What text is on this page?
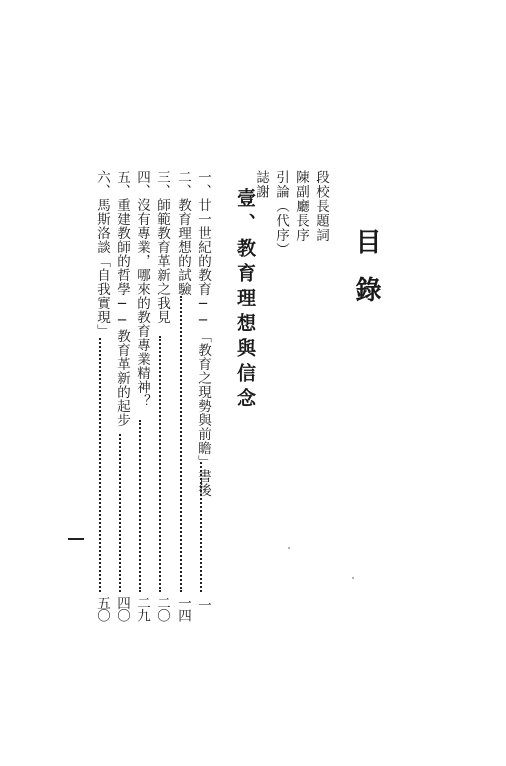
目錄
段校長題詞
陳副廳長序
引論（代序）
誌謝
壹、教育理想與信念
一、廿一世紀的教育──「教育之現勢與前瞻」書後
一
二、教育理想的試驗
一四
三、師範教育革新之我見
二〇
四、沒有專業，哪來的教育專業精神？
二九
五、重建教師的哲學──教育革新的起步
四〇
六、馬斯洛談「自我實現」
五〇
